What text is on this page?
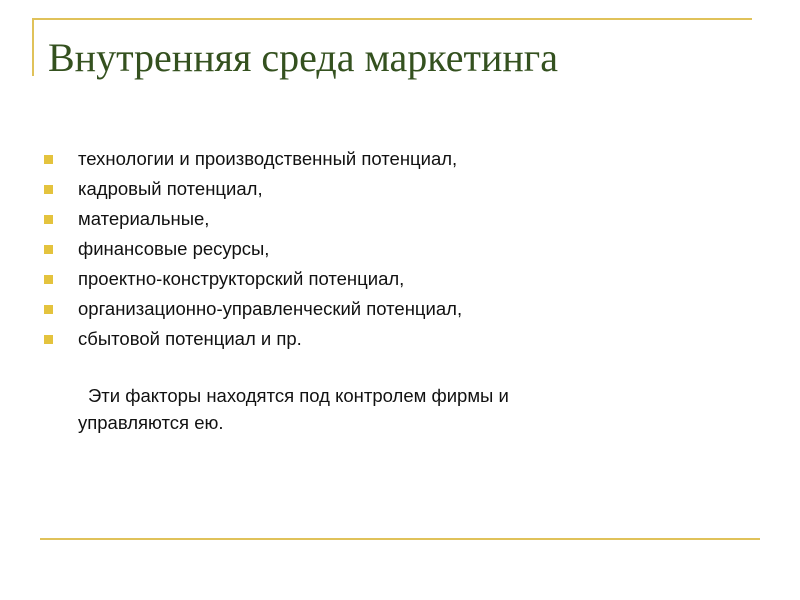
Внутренняя среда маркетинга
технологии и производственный потенциал,
кадровый потенциал,
материальные,
финансовые ресурсы,
проектно-конструкторский потенциал,
организационно-управленческий потенциал,
сбытовой потенциал и пр.
Эти факторы находятся под контролем фирмы и
управляются ею.
